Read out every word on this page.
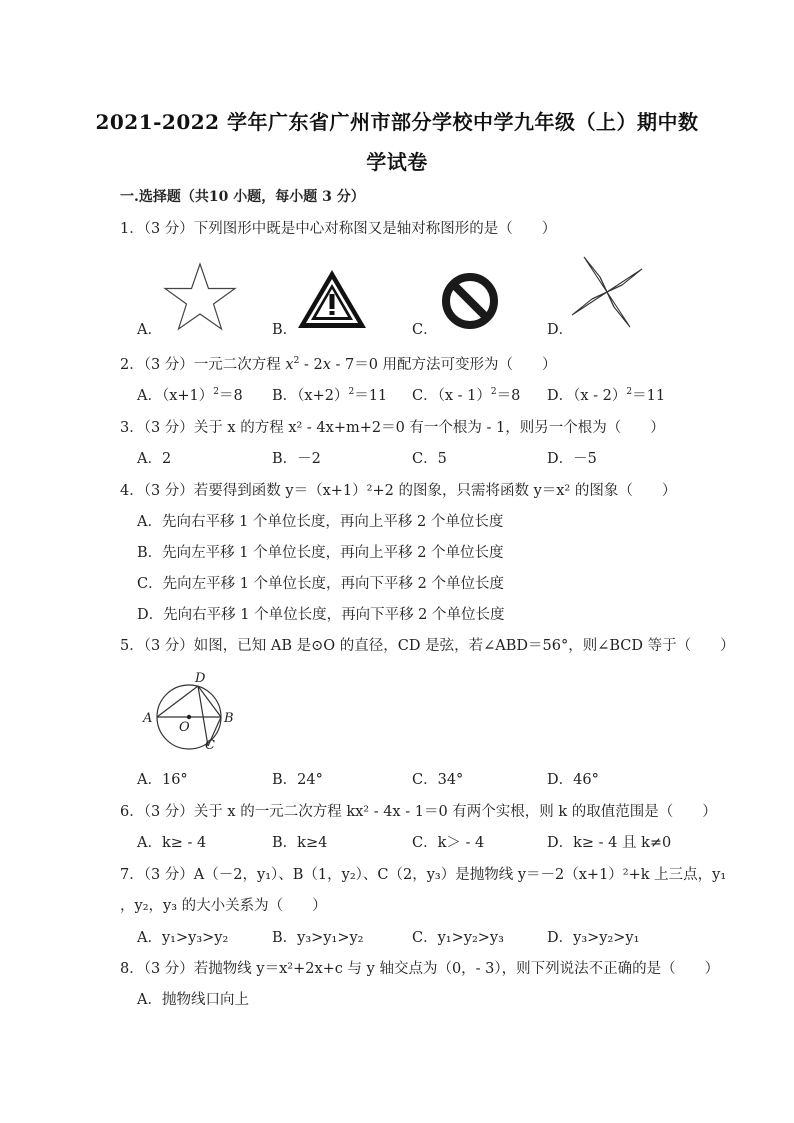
2021-2022 学年广东省广州市部分学校中学九年级（上）期中数
学试卷
一.选择题（共10 小题，每小题 3 分）
1．（3 分）下列图形中既是中心对称图又是轴对称图形的是（　　）
A．	B．	C．	D．
2．（3 分）一元二次方程 $x^2 - 2x - 7=0$ 用配方法可变形为（　　）
A．$(x+1)^2=8$ B．$(x+2)^2=11$ C．（x - 1）$^2$＝8 D．（x - 2）$^2$＝11
3．（3 分）关于 x 的方程 x² - 4x+m+2＝0 有一个根为 - 1，则另一个根为（　　）
A．2	B．－2	C．5	D．－5
4．（3 分）若要得到函数 y＝（x+1）²+2 的图象，只需将函数 y＝x² 的图象（　　）
A．先向右平移 1 个单位长度，再向上平移 2 个单位长度
B．先向左平移 1 个单位长度，再向上平移 2 个单位长度
C．先向左平移 1 个单位长度，再向下平移 2 个单位长度
D．先向右平移 1 个单位长度，再向下平移 2 个单位长度
5．（3 分）如图，已知 AB 是⊙O 的直径，CD 是弦，若∠ABD＝56°，则∠BCD 等于（　　）
A	B
C
D
O
A．16°	B．24°	C．34°	D．46°
6．（3 分）关于 x 的一元二次方程 kx² - 4x - 1＝0 有两个实根，则 k 的取值范围是（　　）
A．k≥ - 4	B．k≥4	C．k＞ - 4	D．k≥ - 4 且 k≠0
7．（3 分）A（－2，y₁）、B（1，y₂）、C（2，y₃）是抛物线 y＝－2（x+1）²+k 上三点，y₁
，y₂，y₃ 的大小关系为（　　）
A．y₁>y₃>y₂	B．y₃>y₁>y₂	C．y₁>y₂>y₃	D．y₃>y₂>y₁
8．（3 分）若抛物线 y＝x²+2x+c 与 y 轴交点为（0，- 3），则下列说法不正确的是（　　）
A．抛物线口向上
